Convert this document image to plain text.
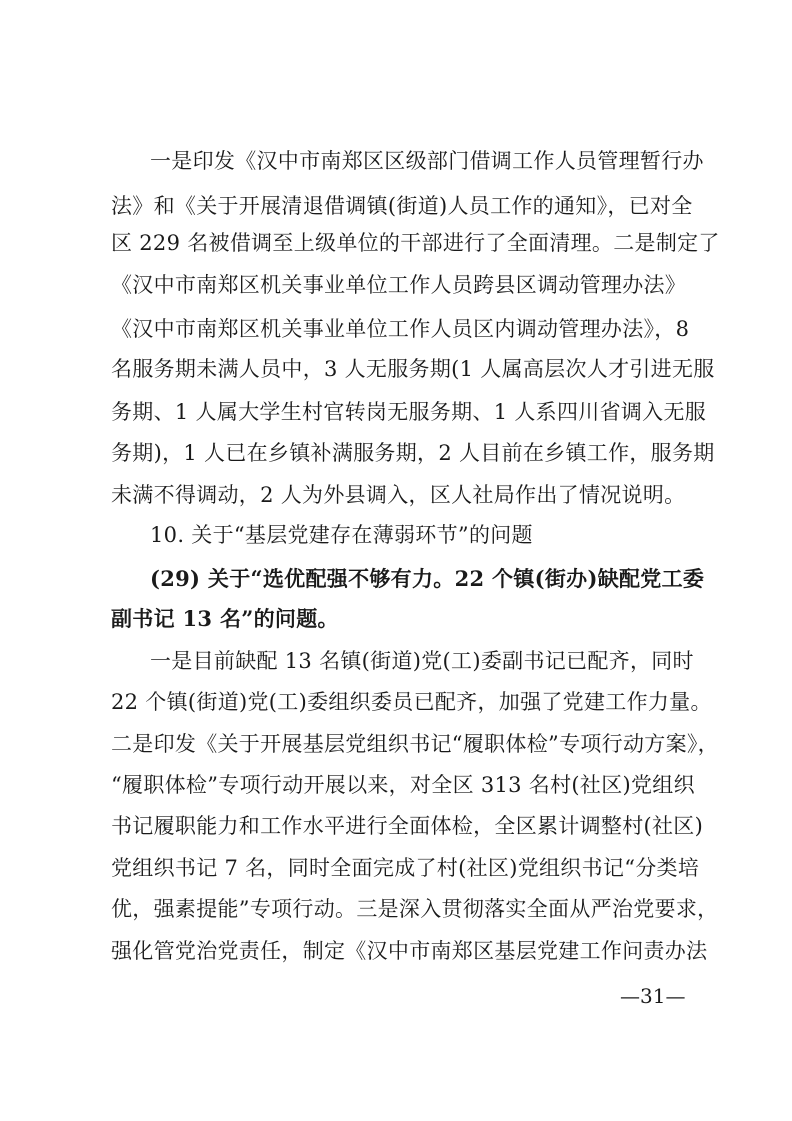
一是印发《汉中市南郑区区级部门借调工作人员管理暂行办
法》和《关于开展清退借调镇(街道)人员工作的通知》，已对全
区 229 名被借调至上级单位的干部进行了全面清理。二是制定了
《汉中市南郑区机关事业单位工作人员跨县区调动管理办法》
《汉中市南郑区机关事业单位工作人员区内调动管理办法》，8
名服务期未满人员中，3 人无服务期(1 人属高层次人才引进无服
务期、1 人属大学生村官转岗无服务期、1 人系四川省调入无服
务期)，1 人已在乡镇补满服务期，2 人目前在乡镇工作，服务期
未满不得调动，2 人为外县调入，区人社局作出了情况说明。
10. 关于“基层党建存在薄弱环节”的问题
(29) 关于“选优配强不够有力。22 个镇(街办)缺配党工委
副书记 13 名”的问题。
一是目前缺配 13 名镇(街道)党(工)委副书记已配齐，同时
22 个镇(街道)党(工)委组织委员已配齐，加强了党建工作力量。
二是印发《关于开展基层党组织书记“履职体检”专项行动方案》，
“履职体检”专项行动开展以来，对全区 313 名村(社区)党组织
书记履职能力和工作水平进行全面体检，全区累计调整村(社区)
党组织书记 7 名，同时全面完成了村(社区)党组织书记“分类培
优，强素提能”专项行动。三是深入贯彻落实全面从严治党要求，
强化管党治党责任，制定《汉中市南郑区基层党建工作问责办法
—31—
